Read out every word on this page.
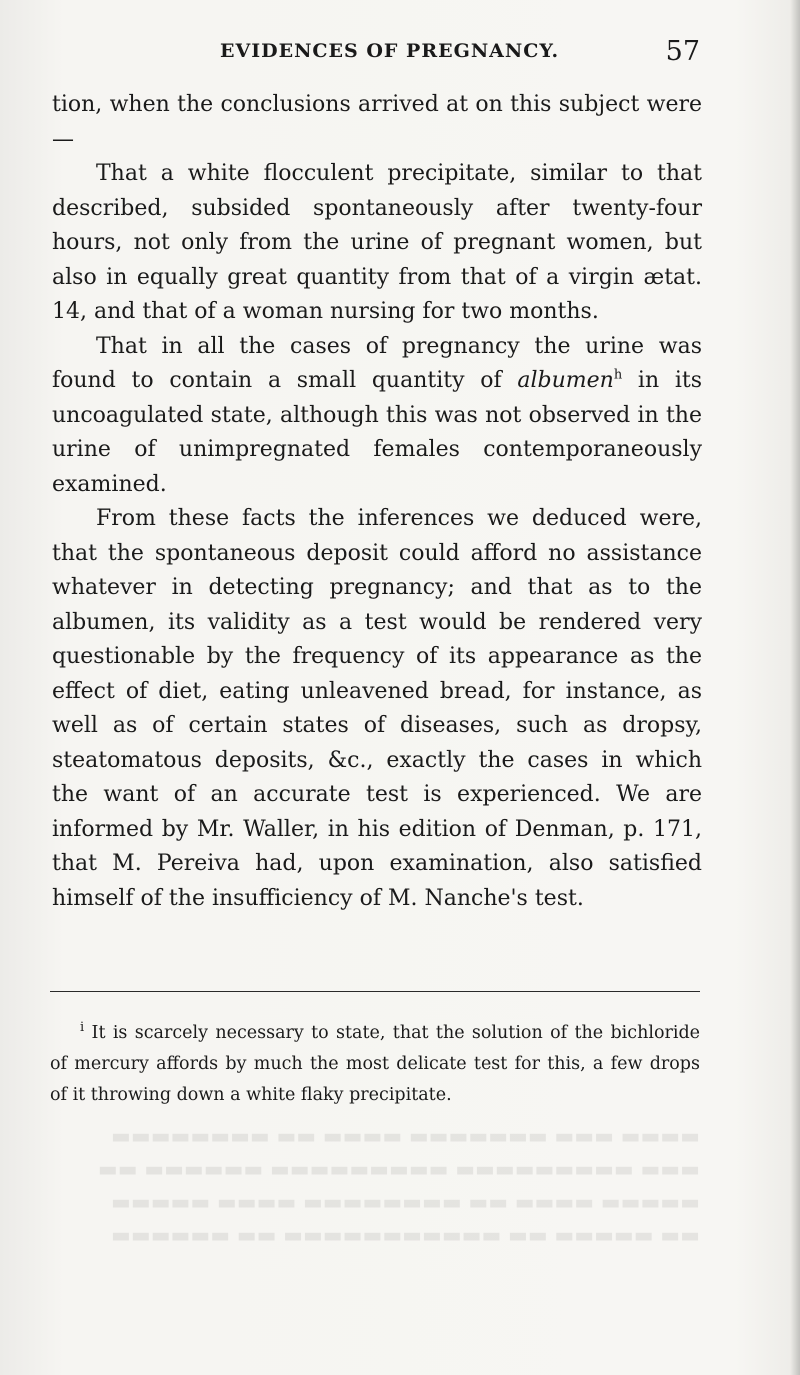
▬▬▬▬ ▬▬▬ ▬▬▬▬▬▬▬ ▬▬▬▬ ▬▬ ▬▬▬▬▬▬▬▬
▬▬▬ ▬▬▬▬▬▬▬▬▬ ▬▬▬▬▬▬▬▬▬ ▬▬▬▬▬▬ ▬▬
▬▬▬▬▬ ▬▬▬▬ ▬▬ ▬▬▬▬▬▬▬▬ ▬▬▬▬ ▬▬▬▬▬
▬▬ ▬▬▬▬▬ ▬▬ ▬▬▬▬▬▬▬▬▬▬▬ ▬▬ ▬▬▬▬▬▬
EVIDENCES OF PREGNANCY.	57

tion, when the conclusions arrived at on this subject were—

That a white flocculent precipitate, similar to that described, subsided spontaneously after twenty-four hours, not only from the urine of pregnant women, but also in equally great quantity from that of a virgin ætat. 14, and that of a woman nursing for two months.

That in all the cases of pregnancy the urine was found to contain a small quantity of albumen$^h$ in its uncoagulated state, although this was not observed in the urine of unimpregnated females contemporaneously examined.

From these facts the inferences we deduced were, that the spontaneous deposit could afford no assistance whatever in detecting pregnancy; and that as to the albumen, its validity as a test would be rendered very questionable by the frequency of its appearance as the effect of diet, eating unleavened bread, for instance, as well as of certain states of diseases, such as dropsy, steatomatous deposits, &c., exactly the cases in which the want of an accurate test is experienced. We are informed by Mr. Waller, in his edition of Denman, p. 171, that M. Pereiva had, upon examination, also satisfied himself of the insufficiency of M. Nanche's test.

$^i$ It is scarcely necessary to state, that the solution of the bichloride of mercury affords by much the most delicate test for this, a few drops of it throwing down a white flaky precipitate.
